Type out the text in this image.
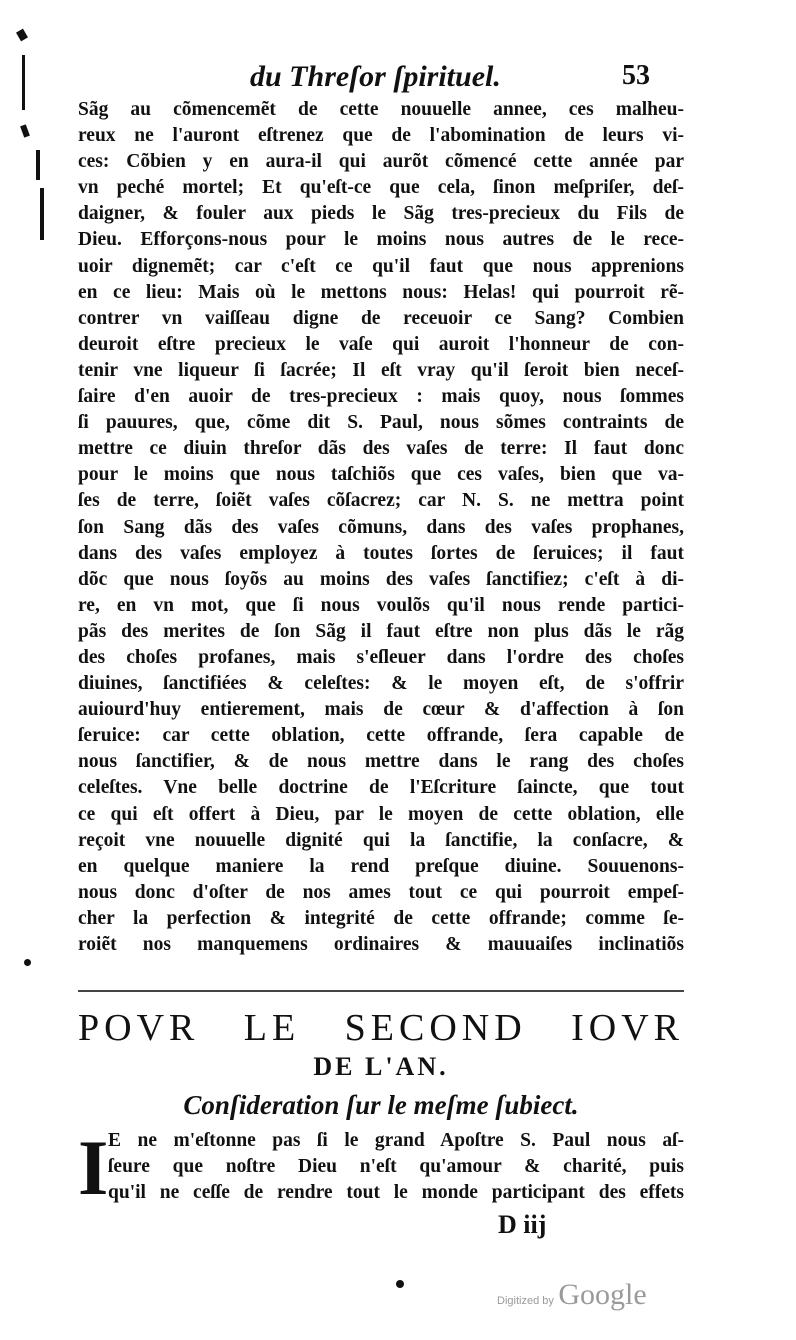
du Threſor ſpirituel.	53
Sãg au cõmencemẽt de cette nouuelle annee, ces malheu-
reux ne l'auront eſtrenez que de l'abomination de leurs vi-
ces: Cõbien y en aura-il qui aurõt cõmencé cette année par
vn peché mortel; Et qu'eſt-ce que cela, ſinon meſpriſer, deſ-
daigner, & fouler aux pieds le Sãg tres-precieux du Fils de
Dieu. Efforçons-nous pour le moins nous autres de le rece-
uoir dignemẽt; car c'eſt ce qu'il faut que nous apprenions
en ce lieu: Mais où le mettons nous: Helas! qui pourroit rẽ-
contrer vn vaiſſeau digne de receuoir ce Sang? Combien
deuroit eſtre precieux le vaſe qui auroit l'honneur de con-
tenir vne liqueur ſi ſacrée; Il eſt vray qu'il ſeroit bien neceſ-
ſaire d'en auoir de tres-precieux : mais quoy, nous ſommes
ſi pauures, que, cõme dit S. Paul, nous sõmes contraints de
mettre ce diuin threſor dãs des vaſes de terre: Il faut donc
pour le moins que nous taſchiõs que ces vaſes, bien que va-
ſes de terre, ſoiẽt vaſes cõſacrez; car N. S. ne mettra point
ſon Sang dãs des vaſes cõmuns, dans des vaſes prophanes,
dans des vaſes employez à toutes ſortes de ſeruices; il faut
dõc que nous ſoyõs au moins des vaſes ſanctifiez; c'eſt à di-
re, en vn mot, que ſi nous voulõs qu'il nous rende partici-
pãs des merites de ſon Sãg il faut eſtre non plus dãs le rãg
des choſes profanes, mais s'eſleuer dans l'ordre des choſes
diuines, ſanctifiées & celeſtes: & le moyen eſt, de s'offrir
auiourd'huy entierement, mais de cœur & d'affection à ſon
ſeruice: car cette oblation, cette offrande, ſera capable de
nous ſanctifier, & de nous mettre dans le rang des choſes
celeſtes. Vne belle doctrine de l'Eſcriture ſaincte, que tout
ce qui eſt offert à Dieu, par le moyen de cette oblation, elle
reçoit vne nouuelle dignité qui la ſanctifie, la conſacre, &
en quelque maniere la rend preſque diuine. Souuenons-
nous donc d'oſter de nos ames tout ce qui pourroit empeſ-
cher la perfection & integrité de cette offrande; comme ſe-
roiẽt nos manquemens ordinaires & mauuaiſes inclinatiõs
POVR LE SECOND IOVR
DE L'AN.
Conſideration ſur le meſme ſubiect.
I E ne m'eſtonne pas ſi le grand Apoſtre S. Paul nous aſ-
ſeure que noſtre Dieu n'eſt qu'amour & charité, puis
qu'il ne ceſſe de rendre tout le monde participant des effets
D iij
Digitized by Google
